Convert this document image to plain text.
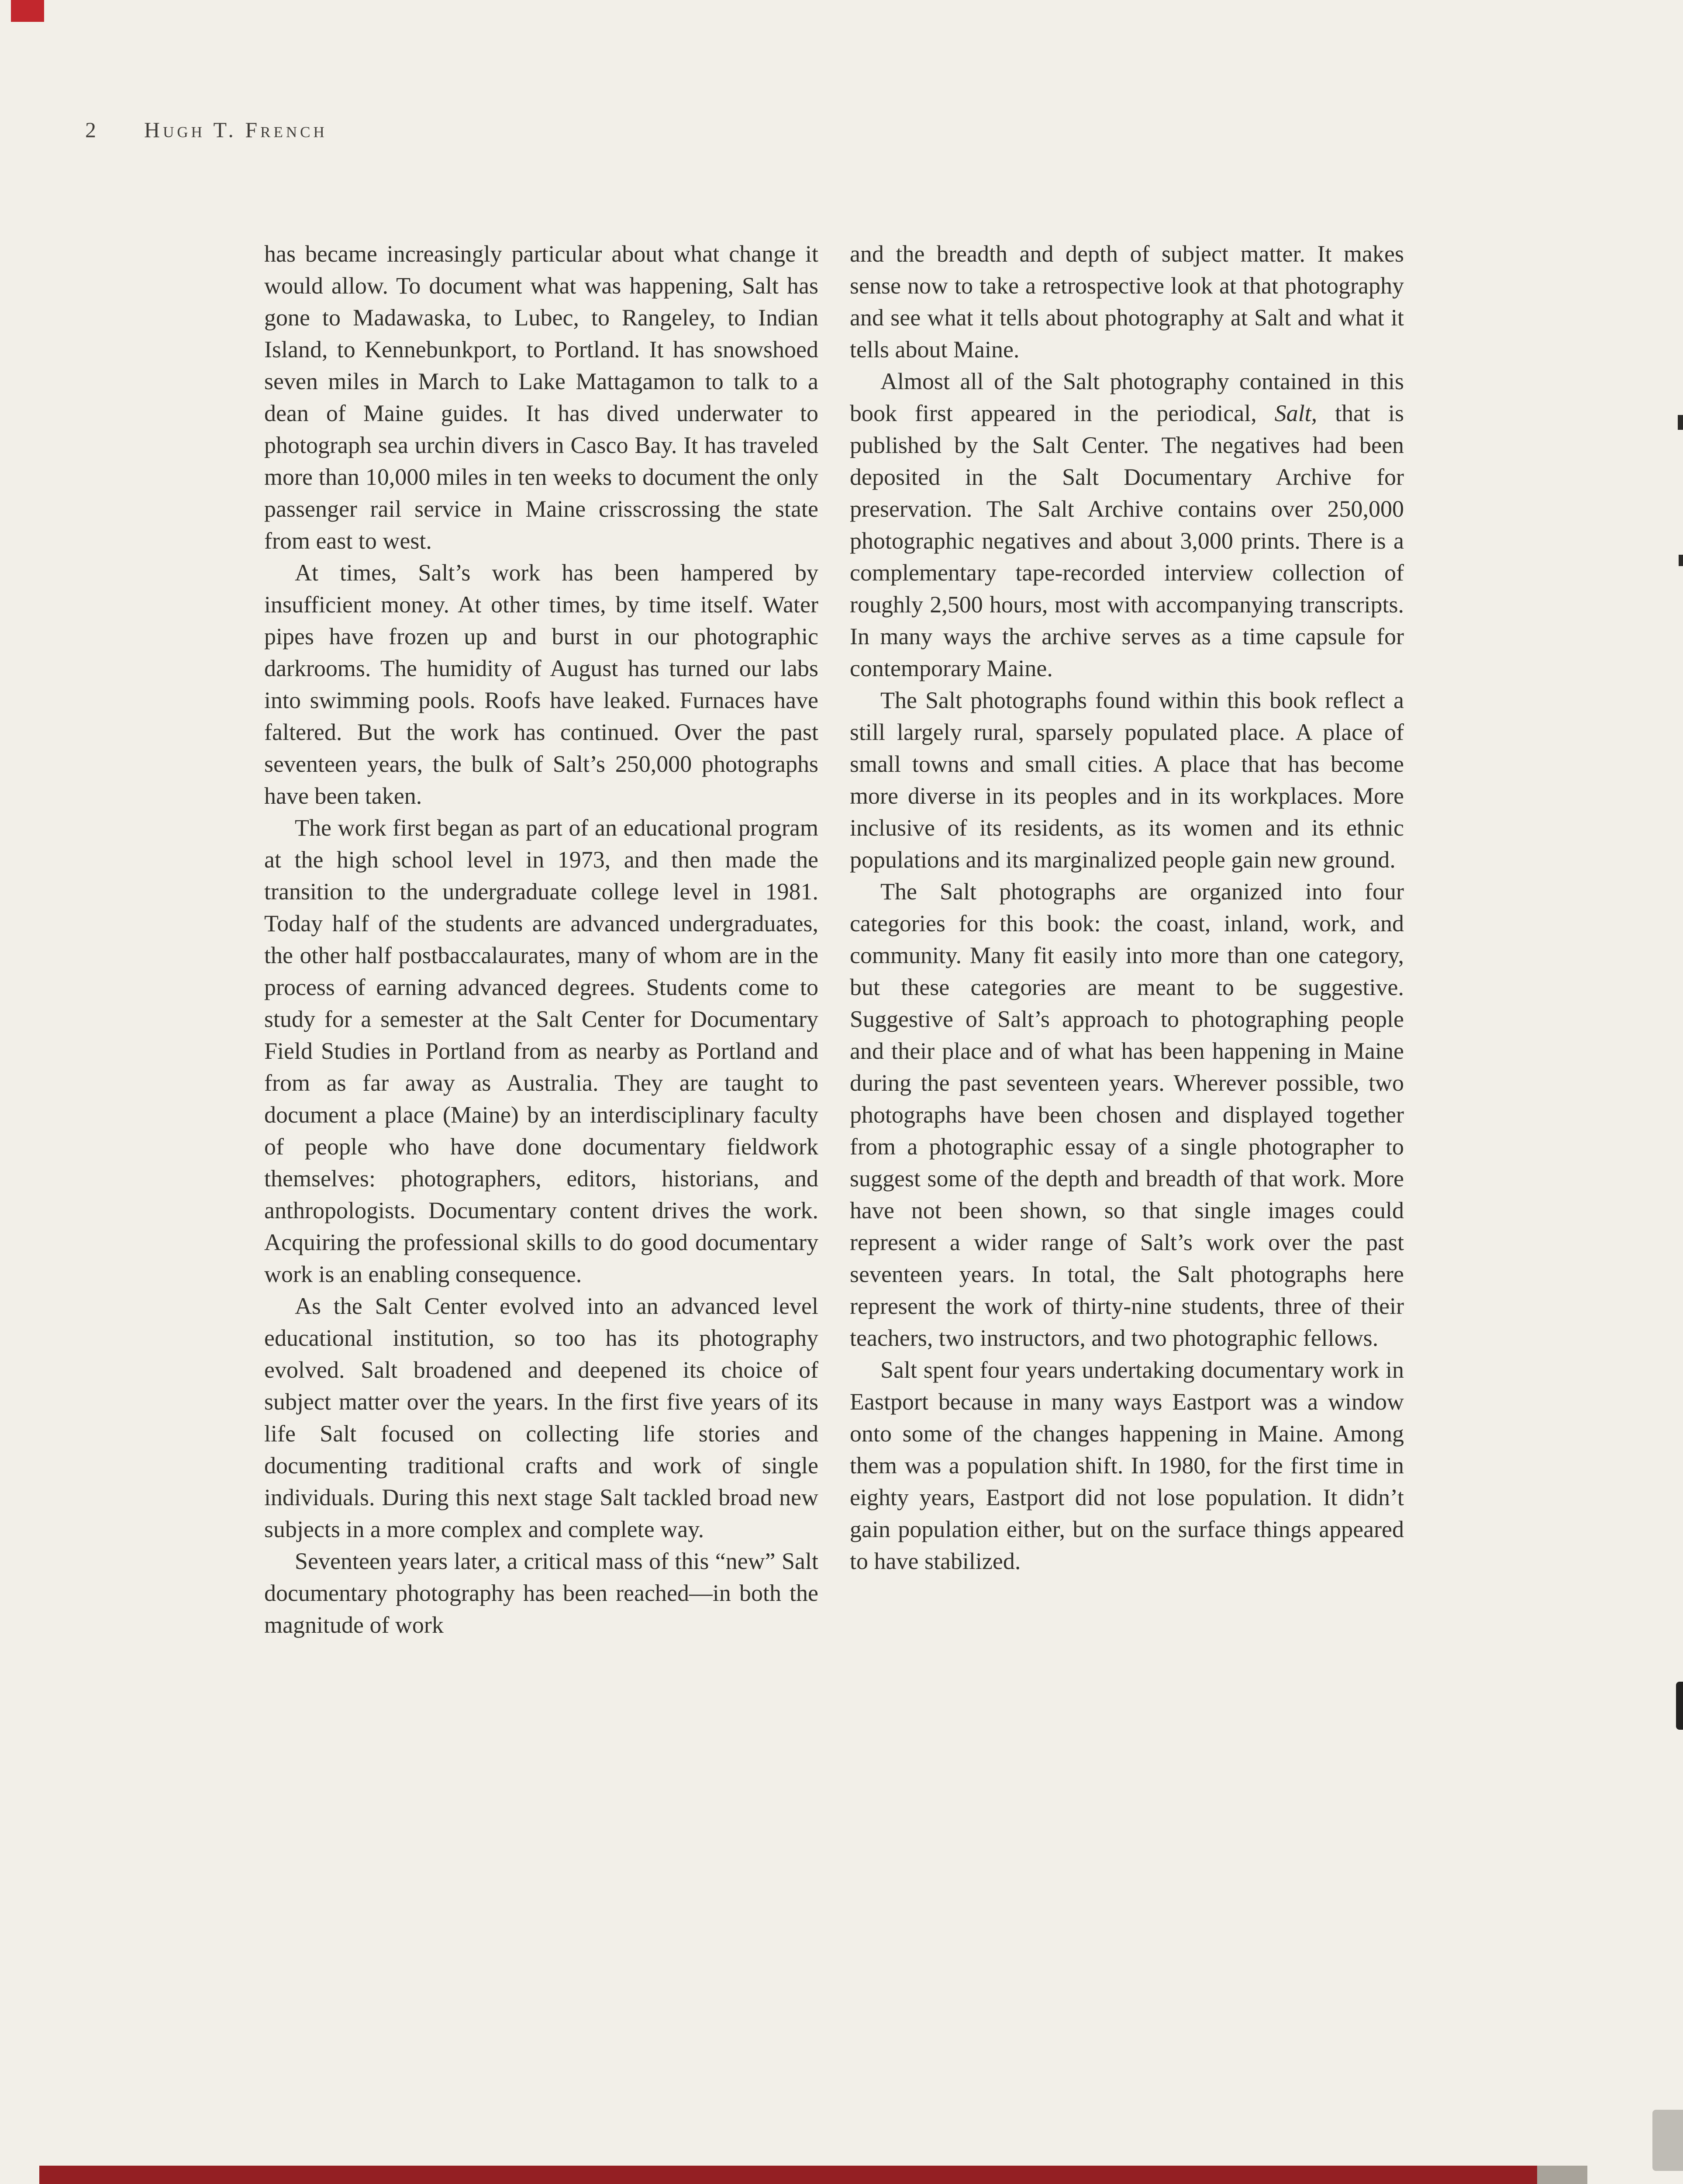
2 Hugh T. French

has became increasingly particular about what change it would allow. To document what was happening, Salt has gone to Madawaska, to Lubec, to Rangeley, to Indian Island, to Kennebunkport, to Portland. It has snowshoed seven miles in March to Lake Mattagamon to talk to a dean of Maine guides. It has dived underwater to photograph sea urchin divers in Casco Bay. It has traveled more than 10,000 miles in ten weeks to document the only passenger rail service in Maine crisscrossing the state from east to west.

At times, Salt’s work has been hampered by insufficient money. At other times, by time itself. Water pipes have frozen up and burst in our photographic darkrooms. The humidity of August has turned our labs into swimming pools. Roofs have leaked. Furnaces have faltered. But the work has continued. Over the past seventeen years, the bulk of Salt’s 250,000 photographs have been taken.

The work first began as part of an educational program at the high school level in 1973, and then made the transition to the undergraduate college level in 1981. Today half of the students are advanced undergraduates, the other half postbaccalaurates, many of whom are in the process of earning advanced degrees. Students come to study for a semester at the Salt Center for Documentary Field Studies in Portland from as nearby as Portland and from as far away as Australia. They are taught to document a place (Maine) by an interdisciplinary faculty of people who have done documentary fieldwork themselves: photographers, editors, historians, and anthropologists. Documentary content drives the work. Acquiring the professional skills to do good documentary work is an enabling consequence.

As the Salt Center evolved into an advanced level educational institution, so too has its photography evolved. Salt broadened and deepened its choice of subject matter over the years. In the first five years of its life Salt focused on collecting life stories and documenting traditional crafts and work of single individuals. During this next stage Salt tackled broad new subjects in a more complex and complete way.

Seventeen years later, a critical mass of this “new” Salt documentary photography has been reached—in both the magnitude of work

and the breadth and depth of subject matter. It makes sense now to take a retrospective look at that photography and see what it tells about photography at Salt and what it tells about Maine.

Almost all of the Salt photography contained in this book first appeared in the periodical, Salt, that is published by the Salt Center. The negatives had been deposited in the Salt Documentary Archive for preservation. The Salt Archive contains over 250,000 photographic negatives and about 3,000 prints. There is a complementary tape-recorded interview collection of roughly 2,500 hours, most with accompanying transcripts. In many ways the archive serves as a time capsule for contemporary Maine.

The Salt photographs found within this book reflect a still largely rural, sparsely populated place. A place of small towns and small cities. A place that has become more diverse in its peoples and in its workplaces. More inclusive of its residents, as its women and its ethnic populations and its marginalized people gain new ground.

The Salt photographs are organized into four categories for this book: the coast, inland, work, and community. Many fit easily into more than one category, but these categories are meant to be suggestive. Suggestive of Salt’s approach to photographing people and their place and of what has been happening in Maine during the past seventeen years. Wherever possible, two photographs have been chosen and displayed together from a photographic essay of a single photographer to suggest some of the depth and breadth of that work. More have not been shown, so that single images could represent a wider range of Salt’s work over the past seventeen years. In total, the Salt photographs here represent the work of thirty-nine students, three of their teachers, two instructors, and two photographic fellows.

Salt spent four years undertaking documentary work in Eastport because in many ways Eastport was a window onto some of the changes happening in Maine. Among them was a population shift. In 1980, for the first time in eighty years, Eastport did not lose population. It didn’t gain population either, but on the surface things appeared to have stabilized.
